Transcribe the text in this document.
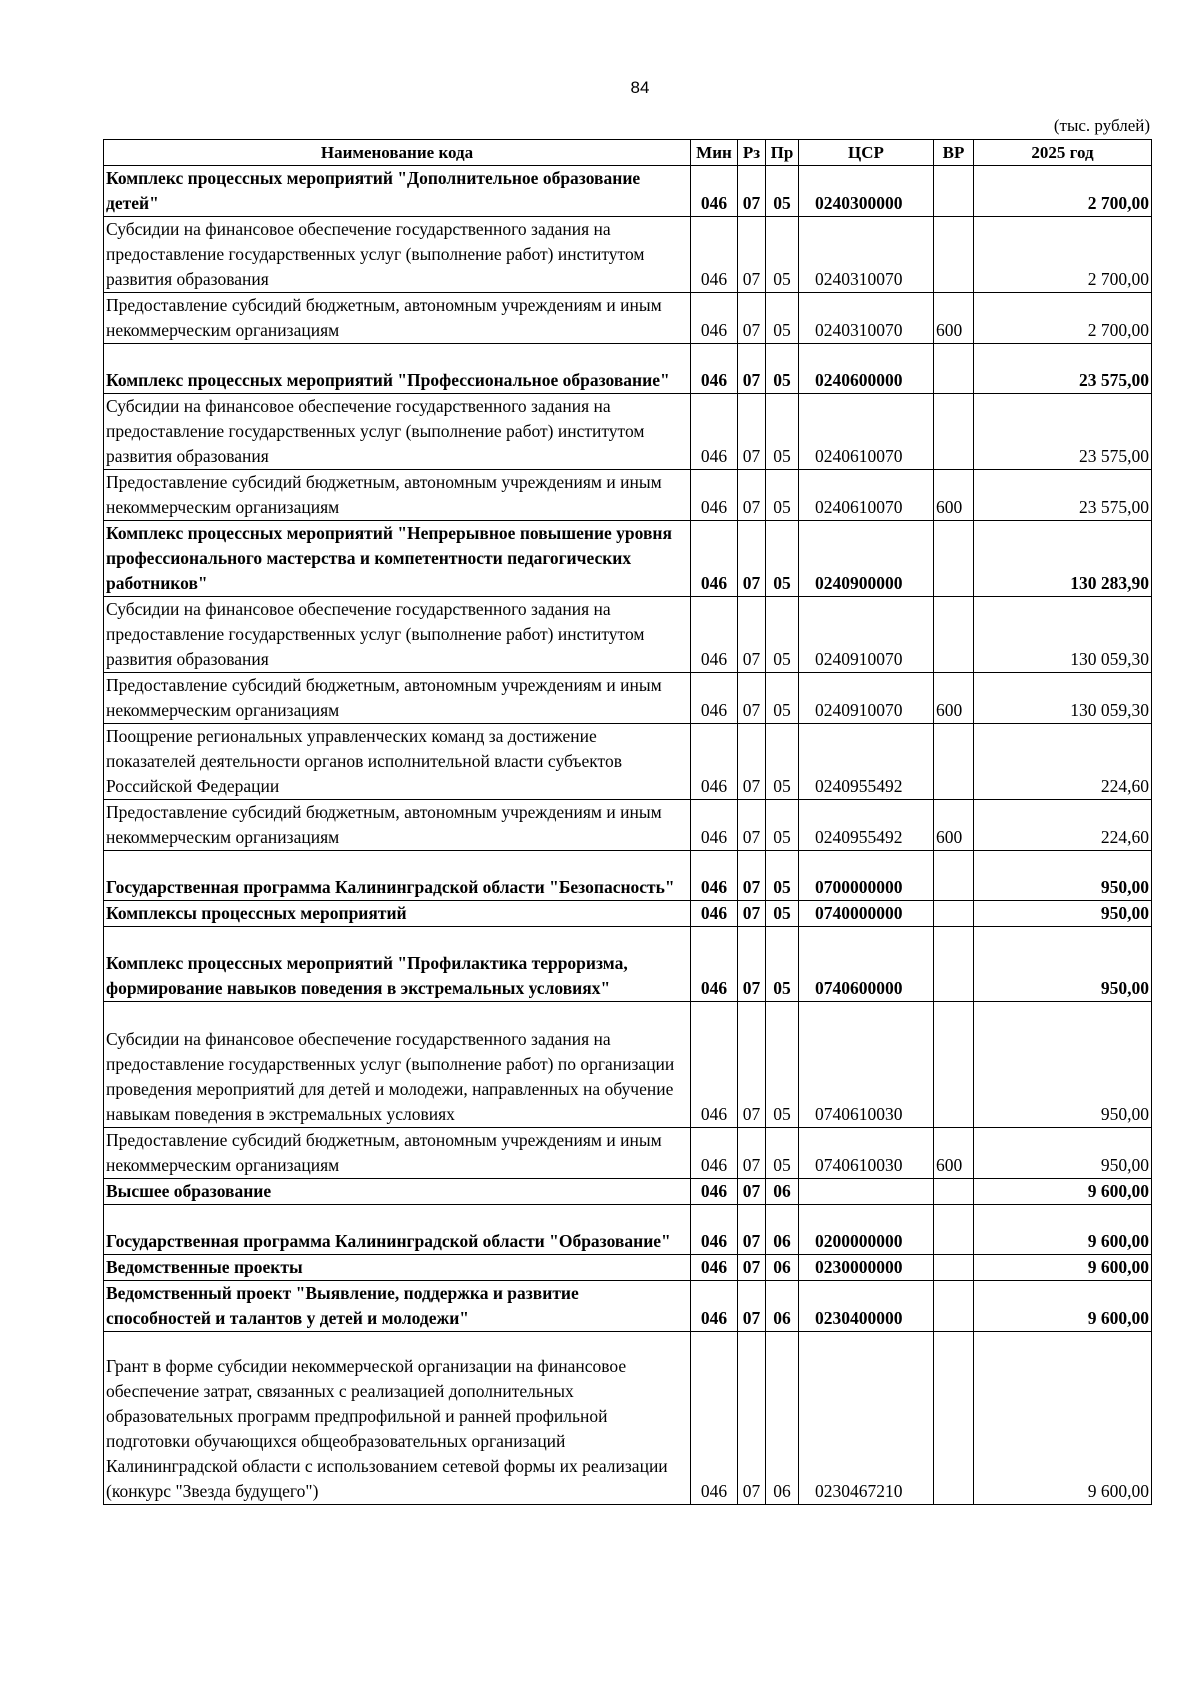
84
(тыс. рублей)
Наименование кода	Мин	Рз	Пр	ЦСР	ВР	2025 год
Комплекс процессных мероприятий "Дополнительное образование детей"	046	07	05	0240300000		2 700,00
Субсидии на финансовое обеспечение государственного задания на предоставление государственных услуг (выполнение работ) институтом развития образования	046	07	05	0240310070		2 700,00
Предоставление субсидий бюджетным, автономным учреждениям и иным некоммерческим организациям	046	07	05	0240310070	600	2 700,00
Комплекс процессных мероприятий "Профессиональное образование"	046	07	05	0240600000		23 575,00
Субсидии на финансовое обеспечение государственного задания на предоставление государственных услуг (выполнение работ) институтом развития образования	046	07	05	0240610070		23 575,00
Предоставление субсидий бюджетным, автономным учреждениям и иным некоммерческим организациям	046	07	05	0240610070	600	23 575,00
Комплекс процессных мероприятий "Непрерывное повышение уровня профессионального мастерства и компетентности педагогических работников"	046	07	05	0240900000		130 283,90
Субсидии на финансовое обеспечение государственного задания на предоставление государственных услуг (выполнение работ) институтом развития образования	046	07	05	0240910070		130 059,30
Предоставление субсидий бюджетным, автономным учреждениям и иным некоммерческим организациям	046	07	05	0240910070	600	130 059,30
Поощрение региональных управленческих команд за достижение показателей деятельности органов исполнительной власти субъектов Российской Федерации	046	07	05	0240955492		224,60
Предоставление субсидий бюджетным, автономным учреждениям и иным некоммерческим организациям	046	07	05	0240955492	600	224,60
Государственная программа Калининградской области "Безопасность"	046	07	05	0700000000		950,00
Комплексы процессных мероприятий	046	07	05	0740000000		950,00
Комплекс процессных мероприятий "Профилактика терроризма, формирование навыков поведения в экстремальных условиях"	046	07	05	0740600000		950,00
Субсидии на финансовое обеспечение государственного задания на предоставление государственных услуг (выполнение работ) по организации проведения мероприятий для детей и молодежи, направленных на обучение навыкам поведения в экстремальных условиях	046	07	05	0740610030		950,00
Предоставление субсидий бюджетным, автономным учреждениям и иным некоммерческим организациям	046	07	05	0740610030	600	950,00
Высшее образование	046	07	06			9 600,00
Государственная программа Калининградской области "Образование"	046	07	06	0200000000		9 600,00
Ведомственные проекты	046	07	06	0230000000		9 600,00
Ведомственный проект "Выявление, поддержка и развитие способностей и талантов у детей и молодежи"	046	07	06	0230400000		9 600,00
Грант в форме субсидии некоммерческой организации на финансовое обеспечение затрат, связанных с реализацией дополнительных образовательных программ предпрофильной и ранней профильной подготовки обучающихся общеобразовательных организаций Калининградской области с использованием сетевой формы их реализации (конкурс "Звезда будущего")	046	07	06	0230467210		9 600,00
